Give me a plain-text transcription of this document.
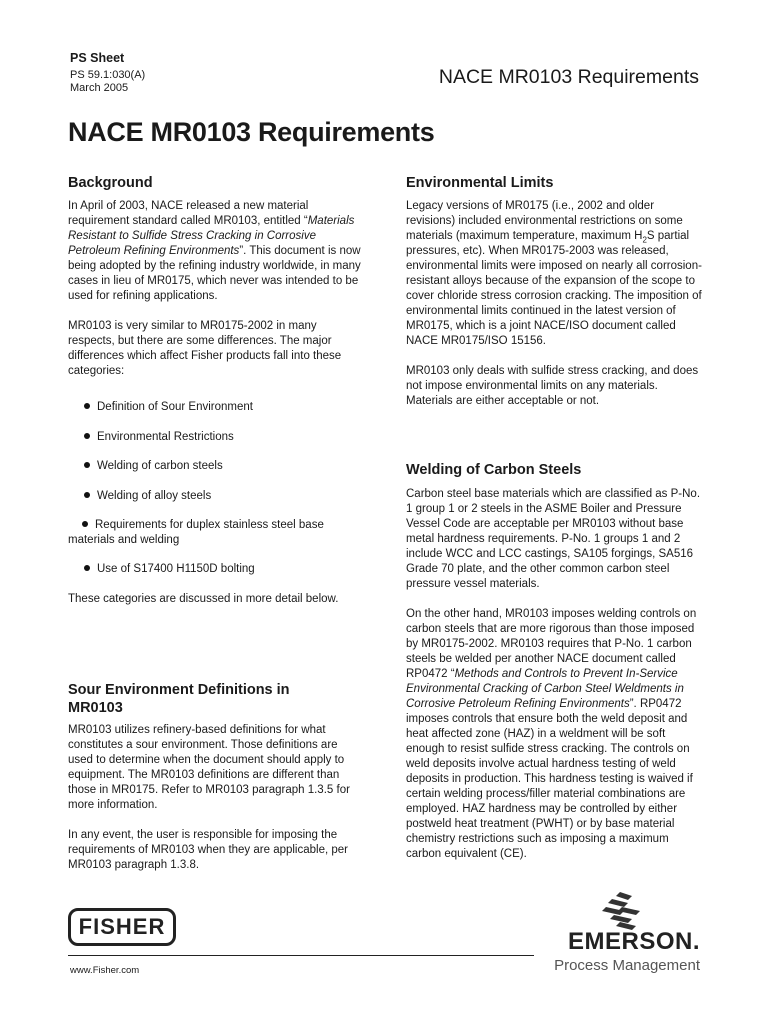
PS Sheet
PS 59.1:030(A)
March 2005	NACE MR0103 Requirements
NACE MR0103 Requirements
Background

In April of 2003, NACE released a new material requirement standard called MR0103, entitled “Materials Resistant to Sulfide Stress Cracking in Corrosive Petroleum Refining Environments”. This document is now being adopted by the refining industry worldwide, in many cases in lieu of MR0175, which never was intended to be used for refining applications.

MR0103 is very similar to MR0175-2002 in many respects, but there are some differences. The major differences which affect Fisher products fall into these categories:

Definition of Sour Environment
Environmental Restrictions
Welding of carbon steels
Welding of alloy steels
Requirements for duplex stainless steel base materials and welding
Use of S17400 H1150D bolting
These categories are discussed in more detail below.
Sour Environment Definitions in MR0103

MR0103 utilizes refinery-based definitions for what constitutes a sour environment. Those definitions are used to determine when the document should apply to equipment. The MR0103 definitions are different than those in MR0175. Refer to MR0103 paragraph 1.3.5 for more information.

In any event, the user is responsible for imposing the requirements of MR0103 when they are applicable, per MR0103 paragraph 1.3.8.

Environmental Limits

Legacy versions of MR0175 (i.e., 2002 and older revisions) included environmental restrictions on some materials (maximum temperature, maximum $H_2S$ partial pressures, etc). When MR0175-2003 was released, environmental limits were imposed on nearly all corrosion-resistant alloys because of the expansion of the scope to cover chloride stress corrosion cracking. The imposition of environmental limits continued in the latest version of MR0175, which is a joint NACE/ISO document called NACE MR0175/ISO 15156.

MR0103 only deals with sulfide stress cracking, and does not impose environmental limits on any materials. Materials are either acceptable or not.

Welding of Carbon Steels

Carbon steel base materials which are classified as P-No. 1 group 1 or 2 steels in the ASME Boiler and Pressure Vessel Code are acceptable per MR0103 without base metal hardness requirements. P-No. 1 groups 1 and 2 include WCC and LCC castings, SA105 forgings, SA516 Grade 70 plate, and the other common carbon steel pressure vessel materials.

On the other hand, MR0103 imposes welding controls on carbon steels that are more rigorous than those imposed by MR0175-2002. MR0103 requires that P-No. 1 carbon steels be welded per another NACE document called RP0472 “Methods and Controls to Prevent In-Service Environmental Cracking of Carbon Steel Weldments in Corrosive Petroleum Refining Environments”. RP0472 imposes controls that ensure both the weld deposit and heat affected zone (HAZ) in a weldment will be soft enough to resist sulfide stress cracking. The controls on weld deposits involve actual hardness testing of weld deposits in production. This hardness testing is waived if certain welding process/filler material combinations are employed. HAZ hardness may be controlled by either postweld heat treatment (PWHT) or by base material chemistry restrictions such as imposing a maximum carbon equivalent (CE).

FISHER
www.Fisher.com
EMERSON.
Process Management
